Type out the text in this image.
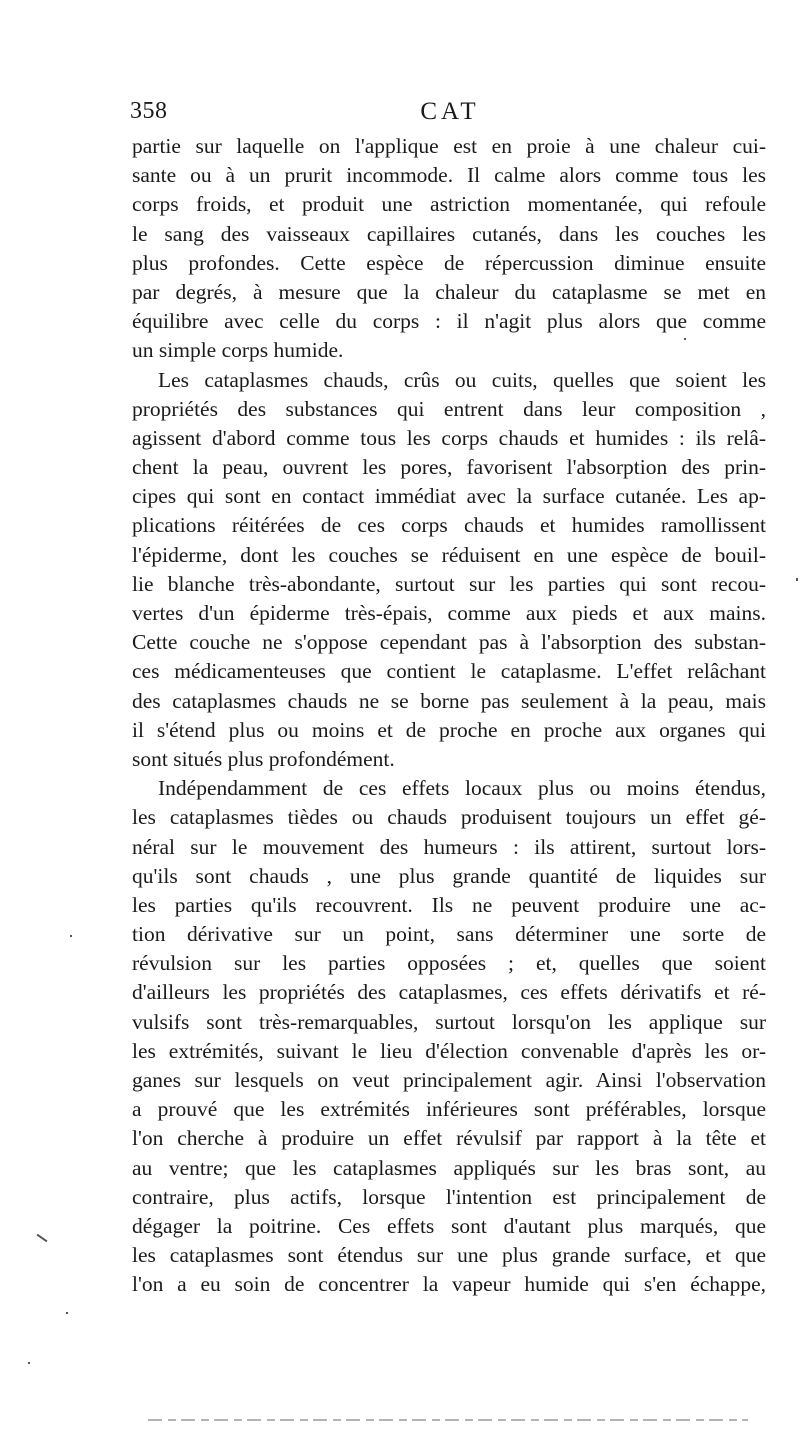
358	CAT
partie sur laquelle on l'applique est en proie à une chaleur cui-
sante ou à un prurit incommode. Il calme alors comme tous les
corps froids, et produit une astriction momentanée, qui refoule
le sang des vaisseaux capillaires cutanés, dans les couches les
plus profondes. Cette espèce de répercussion diminue ensuite
par degrés, à mesure que la chaleur du cataplasme se met en
équilibre avec celle du corps : il n'agit plus alors que comme
un simple corps humide.
Les cataplasmes chauds, crûs ou cuits, quelles que soient les
propriétés des substances qui entrent dans leur composition ,
agissent d'abord comme tous les corps chauds et humides : ils relâ-
chent la peau, ouvrent les pores, favorisent l'absorption des prin-
cipes qui sont en contact immédiat avec la surface cutanée. Les ap-
plications réitérées de ces corps chauds et humides ramollissent
l'épiderme, dont les couches se réduisent en une espèce de bouil-
lie blanche très-abondante, surtout sur les parties qui sont recou-
vertes d'un épiderme très-épais, comme aux pieds et aux mains.
Cette couche ne s'oppose cependant pas à l'absorption des substan-
ces médicamenteuses que contient le cataplasme. L'effet relâchant
des cataplasmes chauds ne se borne pas seulement à la peau, mais
il s'étend plus ou moins et de proche en proche aux organes qui
sont situés plus profondément.
Indépendamment de ces effets locaux plus ou moins étendus,
les cataplasmes tièdes ou chauds produisent toujours un effet gé-
néral sur le mouvement des humeurs : ils attirent, surtout lors-
qu'ils sont chauds , une plus grande quantité de liquides sur
les parties qu'ils recouvrent. Ils ne peuvent produire une ac-
tion dérivative sur un point, sans déterminer une sorte de
révulsion sur les parties opposées ; et, quelles que soient
d'ailleurs les propriétés des cataplasmes, ces effets dérivatifs et ré-
vulsifs sont très-remarquables, surtout lorsqu'on les applique sur
les extrémités, suivant le lieu d'élection convenable d'après les or-
ganes sur lesquels on veut principalement agir. Ainsi l'observation
a prouvé que les extrémités inférieures sont préférables, lorsque
l'on cherche à produire un effet révulsif par rapport à la tête et
au ventre; que les cataplasmes appliqués sur les bras sont, au
contraire, plus actifs, lorsque l'intention est principalement de
dégager la poitrine. Ces effets sont d'autant plus marqués, que
les cataplasmes sont étendus sur une plus grande surface, et que
l'on a eu soin de concentrer la vapeur humide qui s'en échappe,
